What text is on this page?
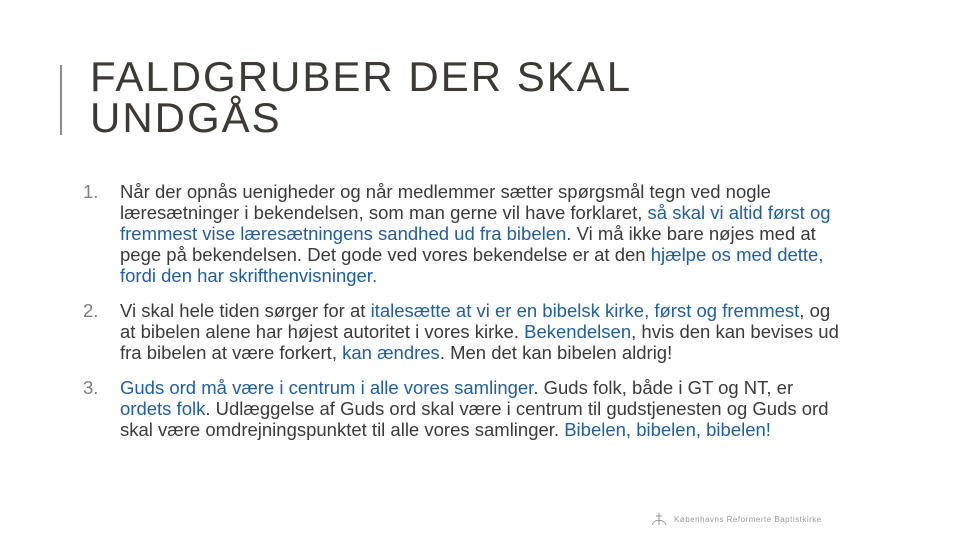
FALDGRUBER DER SKAL
UNDGÅS
1. Når der opnås uenigheder og når medlemmer sætter spørgsmål tegn ved nogle læresætninger i bekendelsen, som man gerne vil have forklaret, så skal vi altid først og fremmest vise læresætningens sandhed ud fra bibelen. Vi må ikke bare nøjes med at pege på bekendelsen. Det gode ved vores bekendelse er at den hjælpe os med dette, fordi den har skrifthenvisninger.
2. Vi skal hele tiden sørger for at italesætte at vi er en bibelsk kirke, først og fremmest, og at bibelen alene har højest autoritet i vores kirke. Bekendelsen, hvis den kan bevises ud fra bibelen at være forkert, kan ændres. Men det kan bibelen aldrig!
3. Guds ord må være i centrum i alle vores samlinger. Guds folk, både i GT og NT, er ordets folk. Udlæggelse af Guds ord skal være i centrum til gudstjenesten og Guds ord skal være omdrejningspunktet til alle vores samlinger. Bibelen, bibelen, bibelen!
Københavns Reformerte Baptistkirke
